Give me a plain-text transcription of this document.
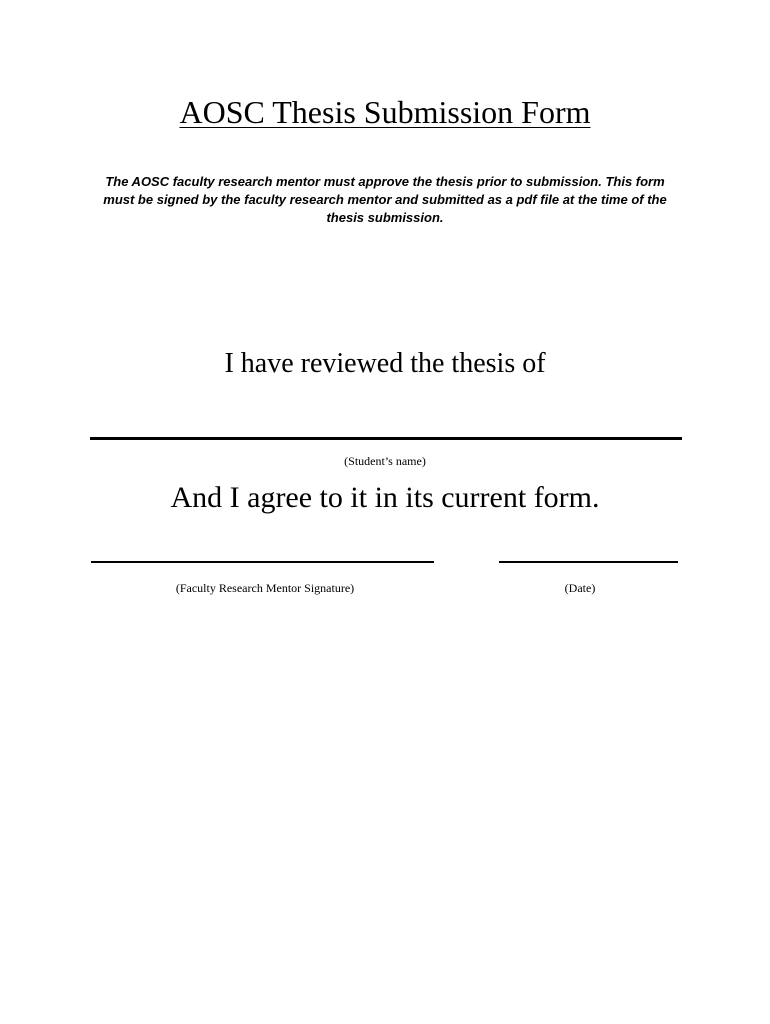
AOSC Thesis Submission Form
The AOSC faculty research mentor must approve the thesis prior to submission. This form must be signed by the faculty research mentor and submitted as a pdf file at the time of the thesis submission.
I have reviewed the thesis of
(Student’s name)
And I agree to it in its current form.
(Faculty Research Mentor Signature)	(Date)
